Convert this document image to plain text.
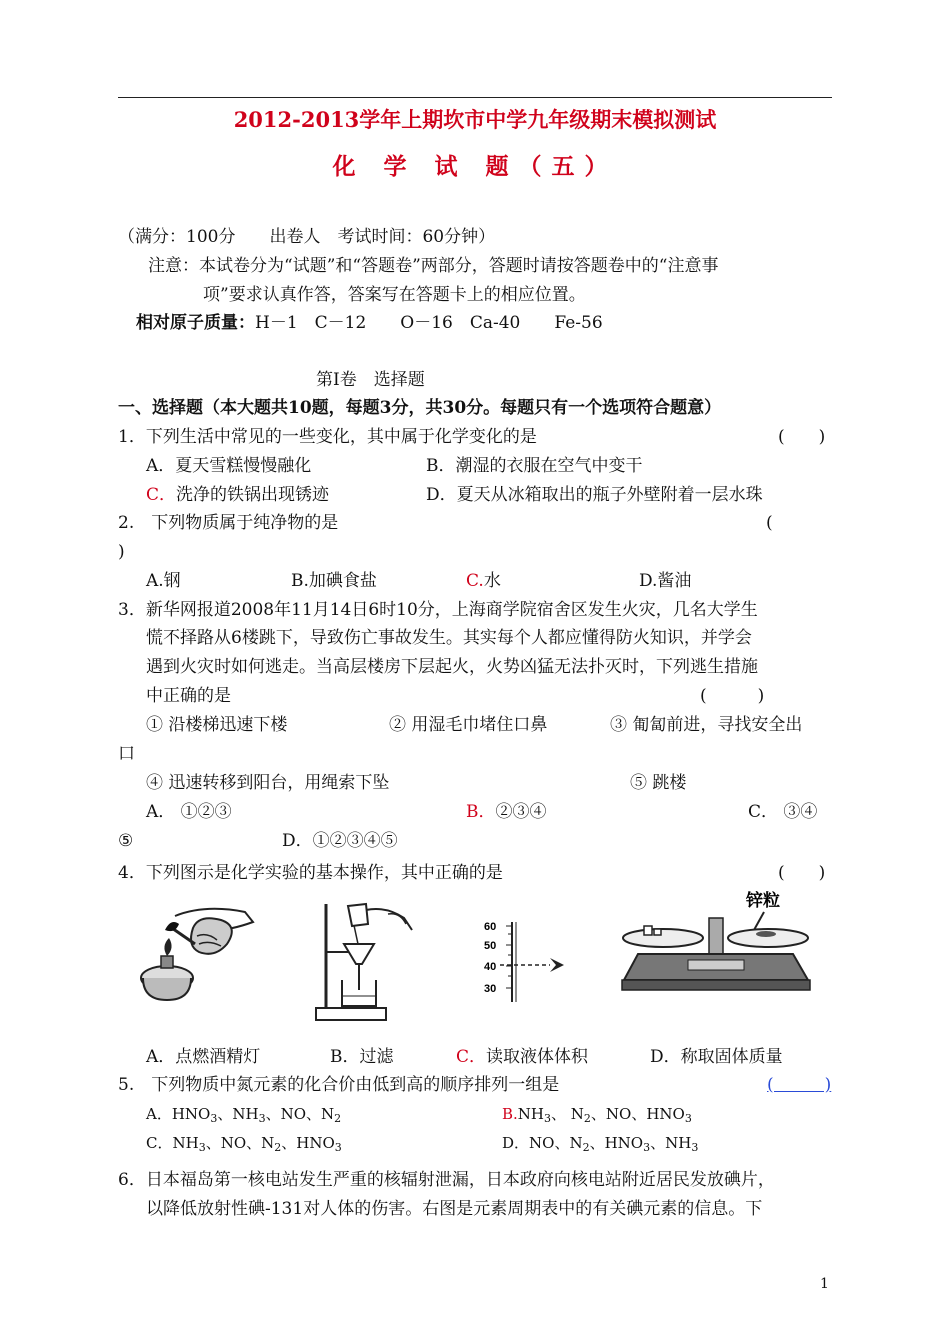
2012-2013学年上期坎市中学九年级期末模拟测试
化 学 试 题（五）
（满分：100分　　出卷人　考试时间：60分钟）
注意：本试卷分为“试题”和“答题卷”两部分，答题时请按答题卷中的“注意事
项”要求认真作答，答案写在答题卡上的相应位置。
相对原子质量：H－1　C－12　　O－16　Ca-40　　Fe-56
第Ⅰ卷　选择题
一、选择题（本大题共10题，每题3分，共30分。每题只有一个选项符合题意）
1．下列生活中常见的一些变化，其中属于化学变化的是	(　　)
A．夏天雪糕慢慢融化	B．潮湿的衣服在空气中变干
C．洗净的铁锅出现锈迹	D．夏天从冰箱取出的瓶子外壁附着一层水珠
2.　下列物质属于纯净物的是	(
)
A.钢	B.加碘食盐	C.水	D.酱油
3．新华网报道2008年11月14日6时10分，上海商学院宿舍区发生火灾，几名大学生
慌不择路从6楼跳下，导致伤亡事故发生。其实每个人都应懂得防火知识，并学会
遇到火灾时如何逃走。当高层楼房下层起火，火势凶猛无法扑灭时，下列逃生措施
中正确的是	(　　　)
① 沿楼梯迅速下楼	② 用湿毛巾堵住口鼻	③ 匍匐前进，寻找安全出
口
④ 迅速转移到阳台，用绳索下坠	⑤ 跳楼
A． ①②③	B．②③④	C． ③④
⑤	D．①②③④⑤
4．下列图示是化学实验的基本操作，其中正确的是	(　　)
60
50
40
30
锌粒
A．点燃酒精灯	B．过滤	C．读取液体体积	D．称取固体质量
5.　下列物质中氮元素的化合价由低到高的顺序排列一组是	(　　　)
A．$HNO_3$、$NH_3$、NO、$N_2$	$B.NH_3$、 $N_2$、NO、$HNO_3$
C．$NH_3$、NO、$N_2$、$HNO_3$	D．NO、$N_2$、$HNO_3$、$NH_3$
6．日本福岛第一核电站发生严重的核辐射泄漏，日本政府向核电站附近居民发放碘片，
以降低放射性碘-131对人体的伤害。右图是元素周期表中的有关碘元素的信息。下
1
